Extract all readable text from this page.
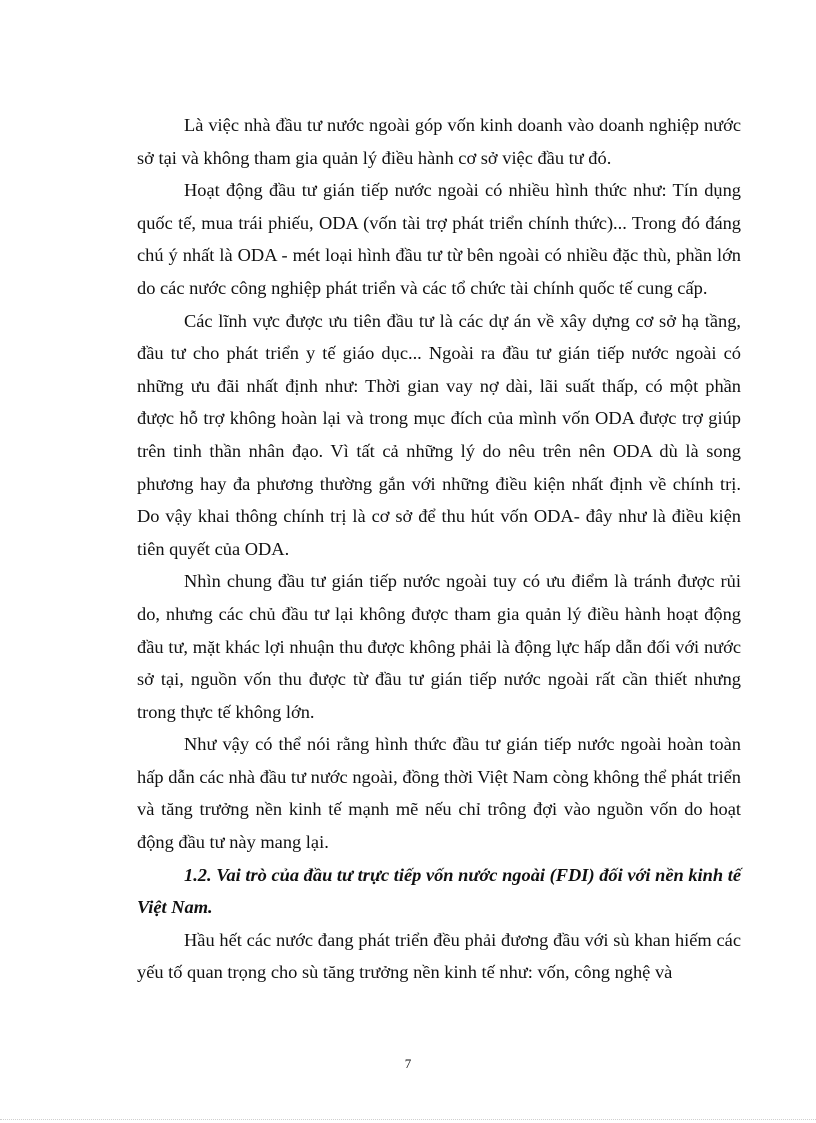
Là việc nhà đầu tư nước ngoài góp vốn kinh doanh vào doanh nghiệp nước sở tại và không tham gia quản lý điều hành cơ sở việc đầu tư đó.

Hoạt động đầu tư gián tiếp nước ngoài có nhiều hình thức như: Tín dụng quốc tế, mua trái phiếu, ODA (vốn tài trợ phát triển chính thức)... Trong đó đáng chú ý nhất là ODA - mét loại hình đầu tư từ bên ngoài có nhiều đặc thù, phần lớn do các nước công nghiệp phát triển và các tổ chức tài chính quốc tế cung cấp.

Các lĩnh vực được ưu tiên đầu tư là các dự án về xây dựng cơ sở hạ tầng, đầu tư cho phát triển y tế giáo dục... Ngoài ra đầu tư gián tiếp nước ngoài có những ưu đãi nhất định như: Thời gian vay nợ dài, lãi suất thấp, có một phần được hỗ trợ không hoàn lại và trong mục đích của mình vốn ODA được trợ giúp trên tinh thần nhân đạo. Vì tất cả những lý do nêu trên nên ODA dù là song phương hay đa phương thường gắn với những điều kiện nhất định về chính trị. Do vậy khai thông chính trị là cơ sở để thu hút vốn ODA- đây như là điều kiện tiên quyết của ODA.

Nhìn chung đầu tư gián tiếp nước ngoài tuy có ưu điểm là tránh được rủi do, nhưng các chủ đầu tư lại không được tham gia quản lý điều hành hoạt động đầu tư, mặt khác lợi nhuận thu được không phải là động lực hấp dẫn đối với nước sở tại, nguồn vốn thu được từ đầu tư gián tiếp nước ngoài rất cần thiết nhưng trong thực tế không lớn.

Như vậy có thể nói rằng hình thức đầu tư gián tiếp nước ngoài hoàn toàn hấp dẫn các nhà đầu tư nước ngoài, đồng thời Việt Nam còng không thể phát triển và tăng trưởng nền kinh tế mạnh mẽ nếu chỉ trông đợi vào nguồn vốn do hoạt động đầu tư này mang lại.

1.2. Vai trò của đầu tư trực tiếp vốn nước ngoài (FDI) đối với nền kinh tế Việt Nam.

Hầu hết các nước đang phát triển đều phải đương đầu với sù khan hiếm các yếu tố quan trọng cho sù tăng trưởng nền kinh tế như: vốn, công nghệ và

7
